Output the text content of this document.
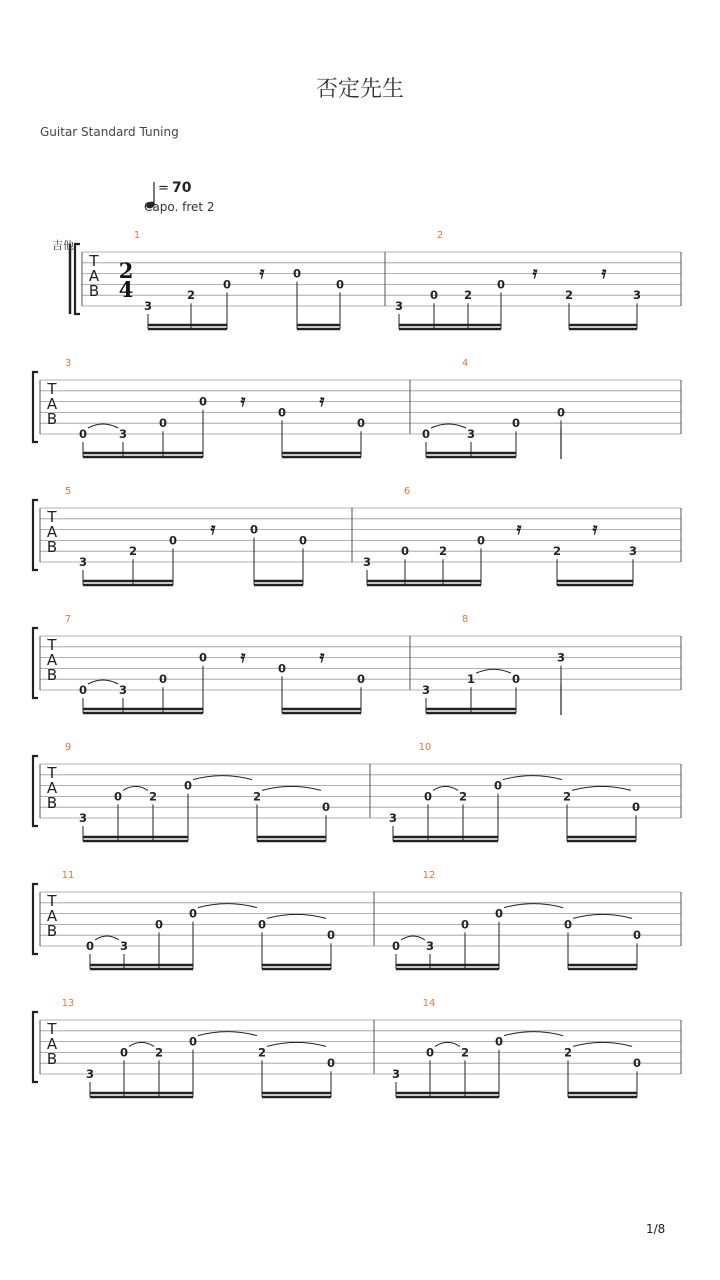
否定先生
Guitar Standard Tuning
= 70
Capo. fret 2
1/8
T
A
B
吉他
2
4
T
A
B
T
A
B
T
A
B
T
A
B
T
A
B
T
A
B
1
3
2
0
𝄿 0
0
2
3
0 2
0
𝄿
2
𝄿
3
3
0	3
0
0 𝄿
0
𝄿
0
4
0	3
0
0
5
3
2
0
𝄿	0
0
6
3
0	2
0
𝄿
2
𝄿
3
7
0	3
0
0 𝄿
0
𝄿
0
8
3
1	0
3
9
3
0 2
0
2
0
10
3
0 2
0
2
0
11
0 3
0
0
0
0
12
0 3
0
0
0
0
13
3
0 2
0
2
0
14
3
0 2
0
2
0
